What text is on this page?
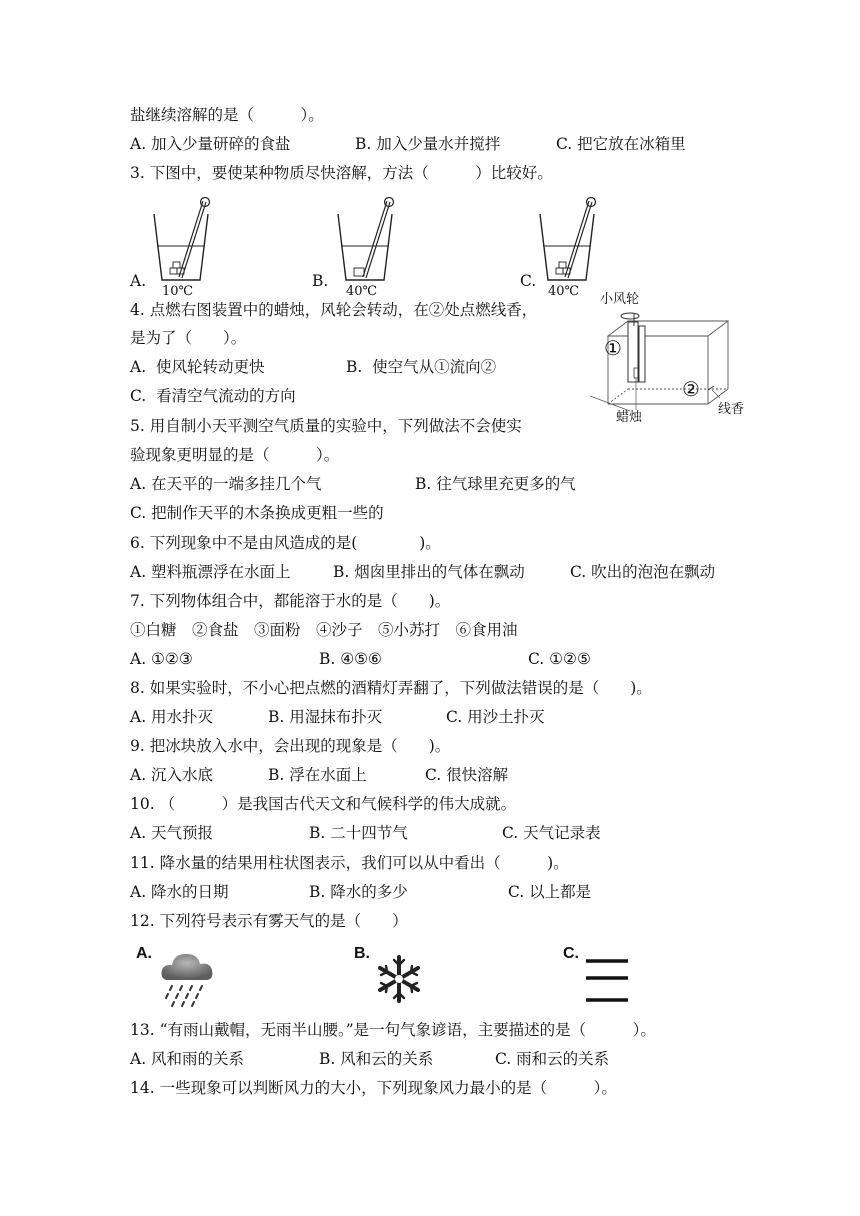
盐继续溶解的是（　　　）。
A. 加入少量研碎的食盐	B. 加入少量水并搅拌	C. 把它放在冰箱里
3. 下图中，要使某种物质尽快溶解，方法（　　　）比较好。
A.	B.	C.
10℃	40℃	40℃
4. 点燃右图装置中的蜡烛，风轮会转动，在②处点燃线香，
是为了（　　）。
A.  使风轮转动更快	B.  使空气从①流向②
C.  看清空气流动的方向
小风轮
①
②
蜡烛
线香
5. 用自制小天平测空气质量的实验中，下列做法不会使实
验现象更明显的是（　　　）。
A. 在天平的一端多挂几个气	B. 往气球里充更多的气
C. 把制作天平的木条换成更粗一些的
6. 下列现象中不是由风造成的是(　　　　)。
A. 塑料瓶漂浮在水面上	B. 烟囱里排出的气体在飘动	C. 吹出的泡泡在飘动
7. 下列物体组合中，都能溶于水的是（　　)。
①白糖　②食盐　③面粉　④沙子　⑤小苏打　⑥食用油
A. ①②③	B. ④⑤⑥	C. ①②⑤
8. 如果实验时，不小心把点燃的酒精灯弄翻了，下列做法错误的是（　　)。
A. 用水扑灭	B. 用湿抹布扑灭	C. 用沙土扑灭
9. 把冰块放入水中，会出现的现象是（　　)。
A. 沉入水底	B. 浮在水面上	C. 很快溶解
10. （　　　）是我国古代天文和气候科学的伟大成就。
A. 天气预报	B. 二十四节气	C. 天气记录表
11. 降水量的结果用柱状图表示，我们可以从中看出（　　　)。
A. 降水的日期	B. 降水的多少	C. 以上都是
12. 下列符号表示有雾天气的是（　　）
A.	B.	C.
13. “有雨山戴帽，无雨半山腰。”是一句气象谚语，主要描述的是（　　　）。
A. 风和雨的关系	B. 风和云的关系	C. 雨和云的关系
14. 一些现象可以判断风力的大小，下列现象风力最小的是（　　　）。
